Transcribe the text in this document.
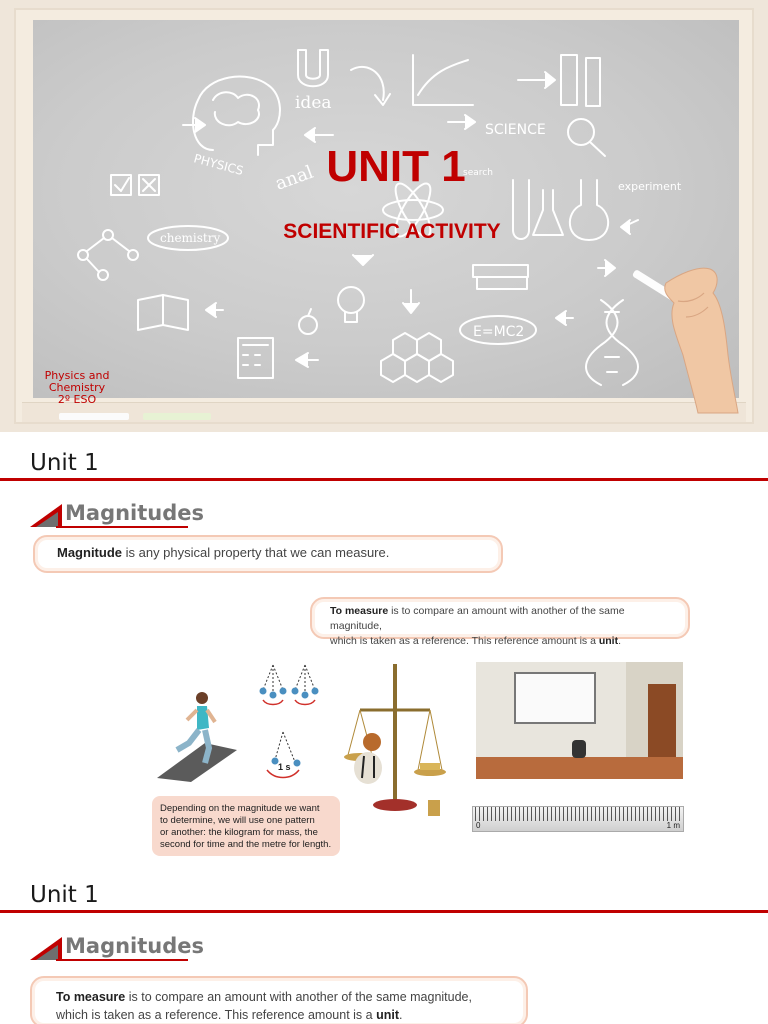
idea
SCIENCE
PHYSICS anal	search
experiment
chemistry
E=MC2
UNIT 1
SCIENTIFIC ACTIVITY
Physics and
Chemistry
2º ESO
Unit 1
Magnitudes
Magnitude is any physical property that we can measure.
To measure is to compare an amount with another of the same magnitude,
which is taken as a reference. This reference amount is a unit.
1 s
0	1 m
Depending on the magnitude we want
to determine, we will use one pattern
or another: the kilogram for mass, the
second for time and the metre for length.
Unit 1
Magnitudes
To measure is to compare an amount with another of the same magnitude,
which is taken as a reference. This reference amount is a unit.
